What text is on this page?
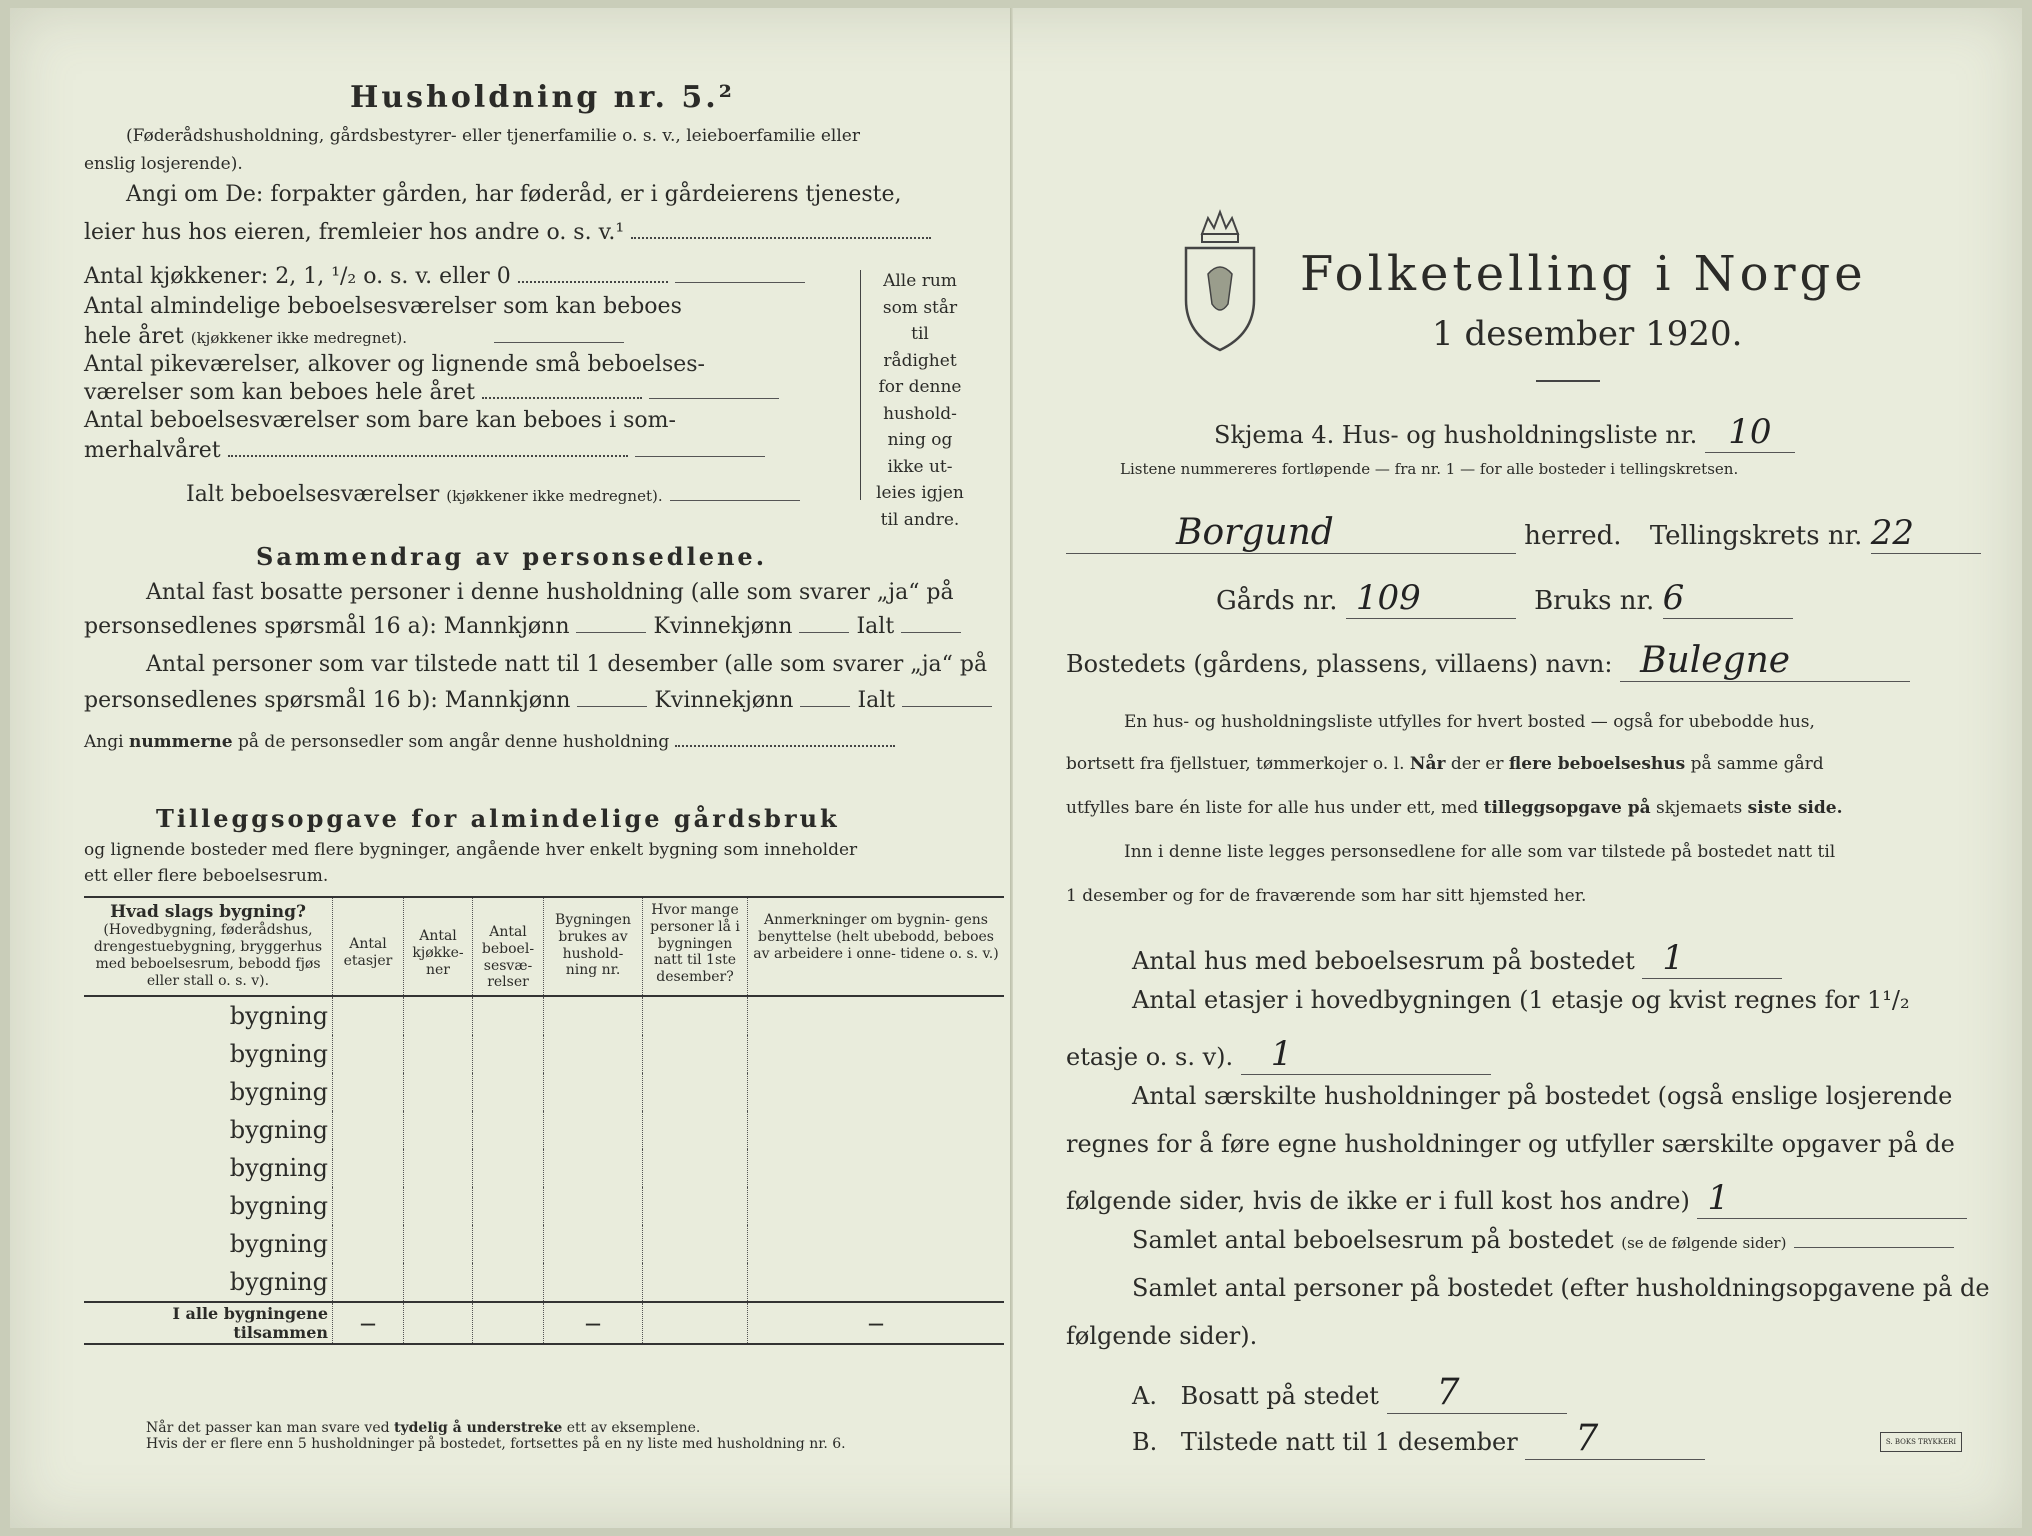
Husholdning nr. 5.²
(Føderådshusholdning, gårdsbestyrer- eller tjenerfamilie o. s. v., leieboerfamilie eller
enslig losjerende).
Angi om De: forpakter gården, har føderåd, er i gårdeierens tjeneste,
leier hus hos eieren, fremleier hos andre o. s. v.¹
Antal kjøkkener: 2, 1, ¹/₂ o. s. v. eller 0
Antal almindelige beboelsesværelser som kan beboes
hele året (kjøkkener ikke medregnet).
Antal pikeværelser, alkover og lignende små beboelses-
værelser som kan beboes hele året
Antal beboelsesværelser som bare kan beboes i som-
merhalvåret
Ialt beboelsesværelser (kjøkkener ikke medregnet).
Alle rum
som står til
rådighet
for denne
hushold-
ning og
ikke ut-
leies igjen
til andre.
Sammendrag av personsedlene.
Antal fast bosatte personer i denne husholdning (alle som svarer „ja“ på
personsedlenes spørsmål 16 a): Mannkjønn	Kvinnekjønn	Ialt
Antal personer som var tilstede natt til 1 desember (alle som svarer „ja“ på
personsedlenes spørsmål 16 b): Mannkjønn	Kvinnekjønn	Ialt
Angi nummerne på de personsedler som angår denne husholdning
Tilleggsopgave for almindelige gårdsbruk
og lignende bosteder med flere bygninger, angående hver enkelt bygning som inneholder
ett eller flere beboelsesrum.
Hvad slags bygning?
(Hovedbygning, føderådshus, drengestuebygning, bryggerhus med beboelsesrum, bebodd fjøs eller stall o. s. v).	Antal etasjer	Antal kjøkke- ner	Antal beboel- sesvæ- relser	Bygningen brukes av hushold- ning nr.	Hvor mange personer lå i bygningen natt til 1ste desember?	Anmerkninger om bygnin- gens benyttelse (helt ubebodd, beboes av arbeidere i onne- tidene o. s. v.)
bygning						
bygning						
bygning						
bygning						
bygning						
bygning						
bygning						
bygning						
I alle bygningene tilsammen	—			—		—
Når det passer kan man svare ved tydelig å understreke ett av eksemplene.
Hvis der er flere enn 5 husholdninger på bostedet, fortsettes på en ny liste med husholdning nr. 6.
Folketelling i Norge
1 desember 1920.
Skjema 4. Hus- og husholdningsliste nr. 10
Listene nummereres fortløpende — fra nr. 1 — for alle bosteder i tellingskretsen.
Borgund	herred. Tellingskrets nr. 22
Gårds nr. 109	Bruks nr. 6
Bostedets (gårdens, plassens, villaens) navn: Bulegne
En hus- og husholdningsliste utfylles for hvert bosted — også for ubebodde hus,
bortsett fra fjellstuer, tømmerkojer o. l. Når der er flere beboelseshus på samme gård
utfylles bare én liste for alle hus under ett, med tilleggsopgave på skjemaets siste side.
Inn i denne liste legges personsedlene for alle som var tilstede på bostedet natt til
1 desember og for de fraværende som har sitt hjemsted her.
Antal hus med beboelsesrum på bostedet 1
Antal etasjer i hovedbygningen (1 etasje og kvist regnes for 1¹/₂
etasje o. s. v). 1
Antal særskilte husholdninger på bostedet (også enslige losjerende
regnes for å føre egne husholdninger og utfyller særskilte opgaver på de
følgende sider, hvis de ikke er i full kost hos andre) 1
Samlet antal beboelsesrum på bostedet (se de følgende sider)
Samlet antal personer på bostedet (efter husholdningsopgavene på de
følgende sider).
A. Bosatt på stedet 7
B. Tilstede natt til 1 desember 7	S. BOKS TRYKKERI
